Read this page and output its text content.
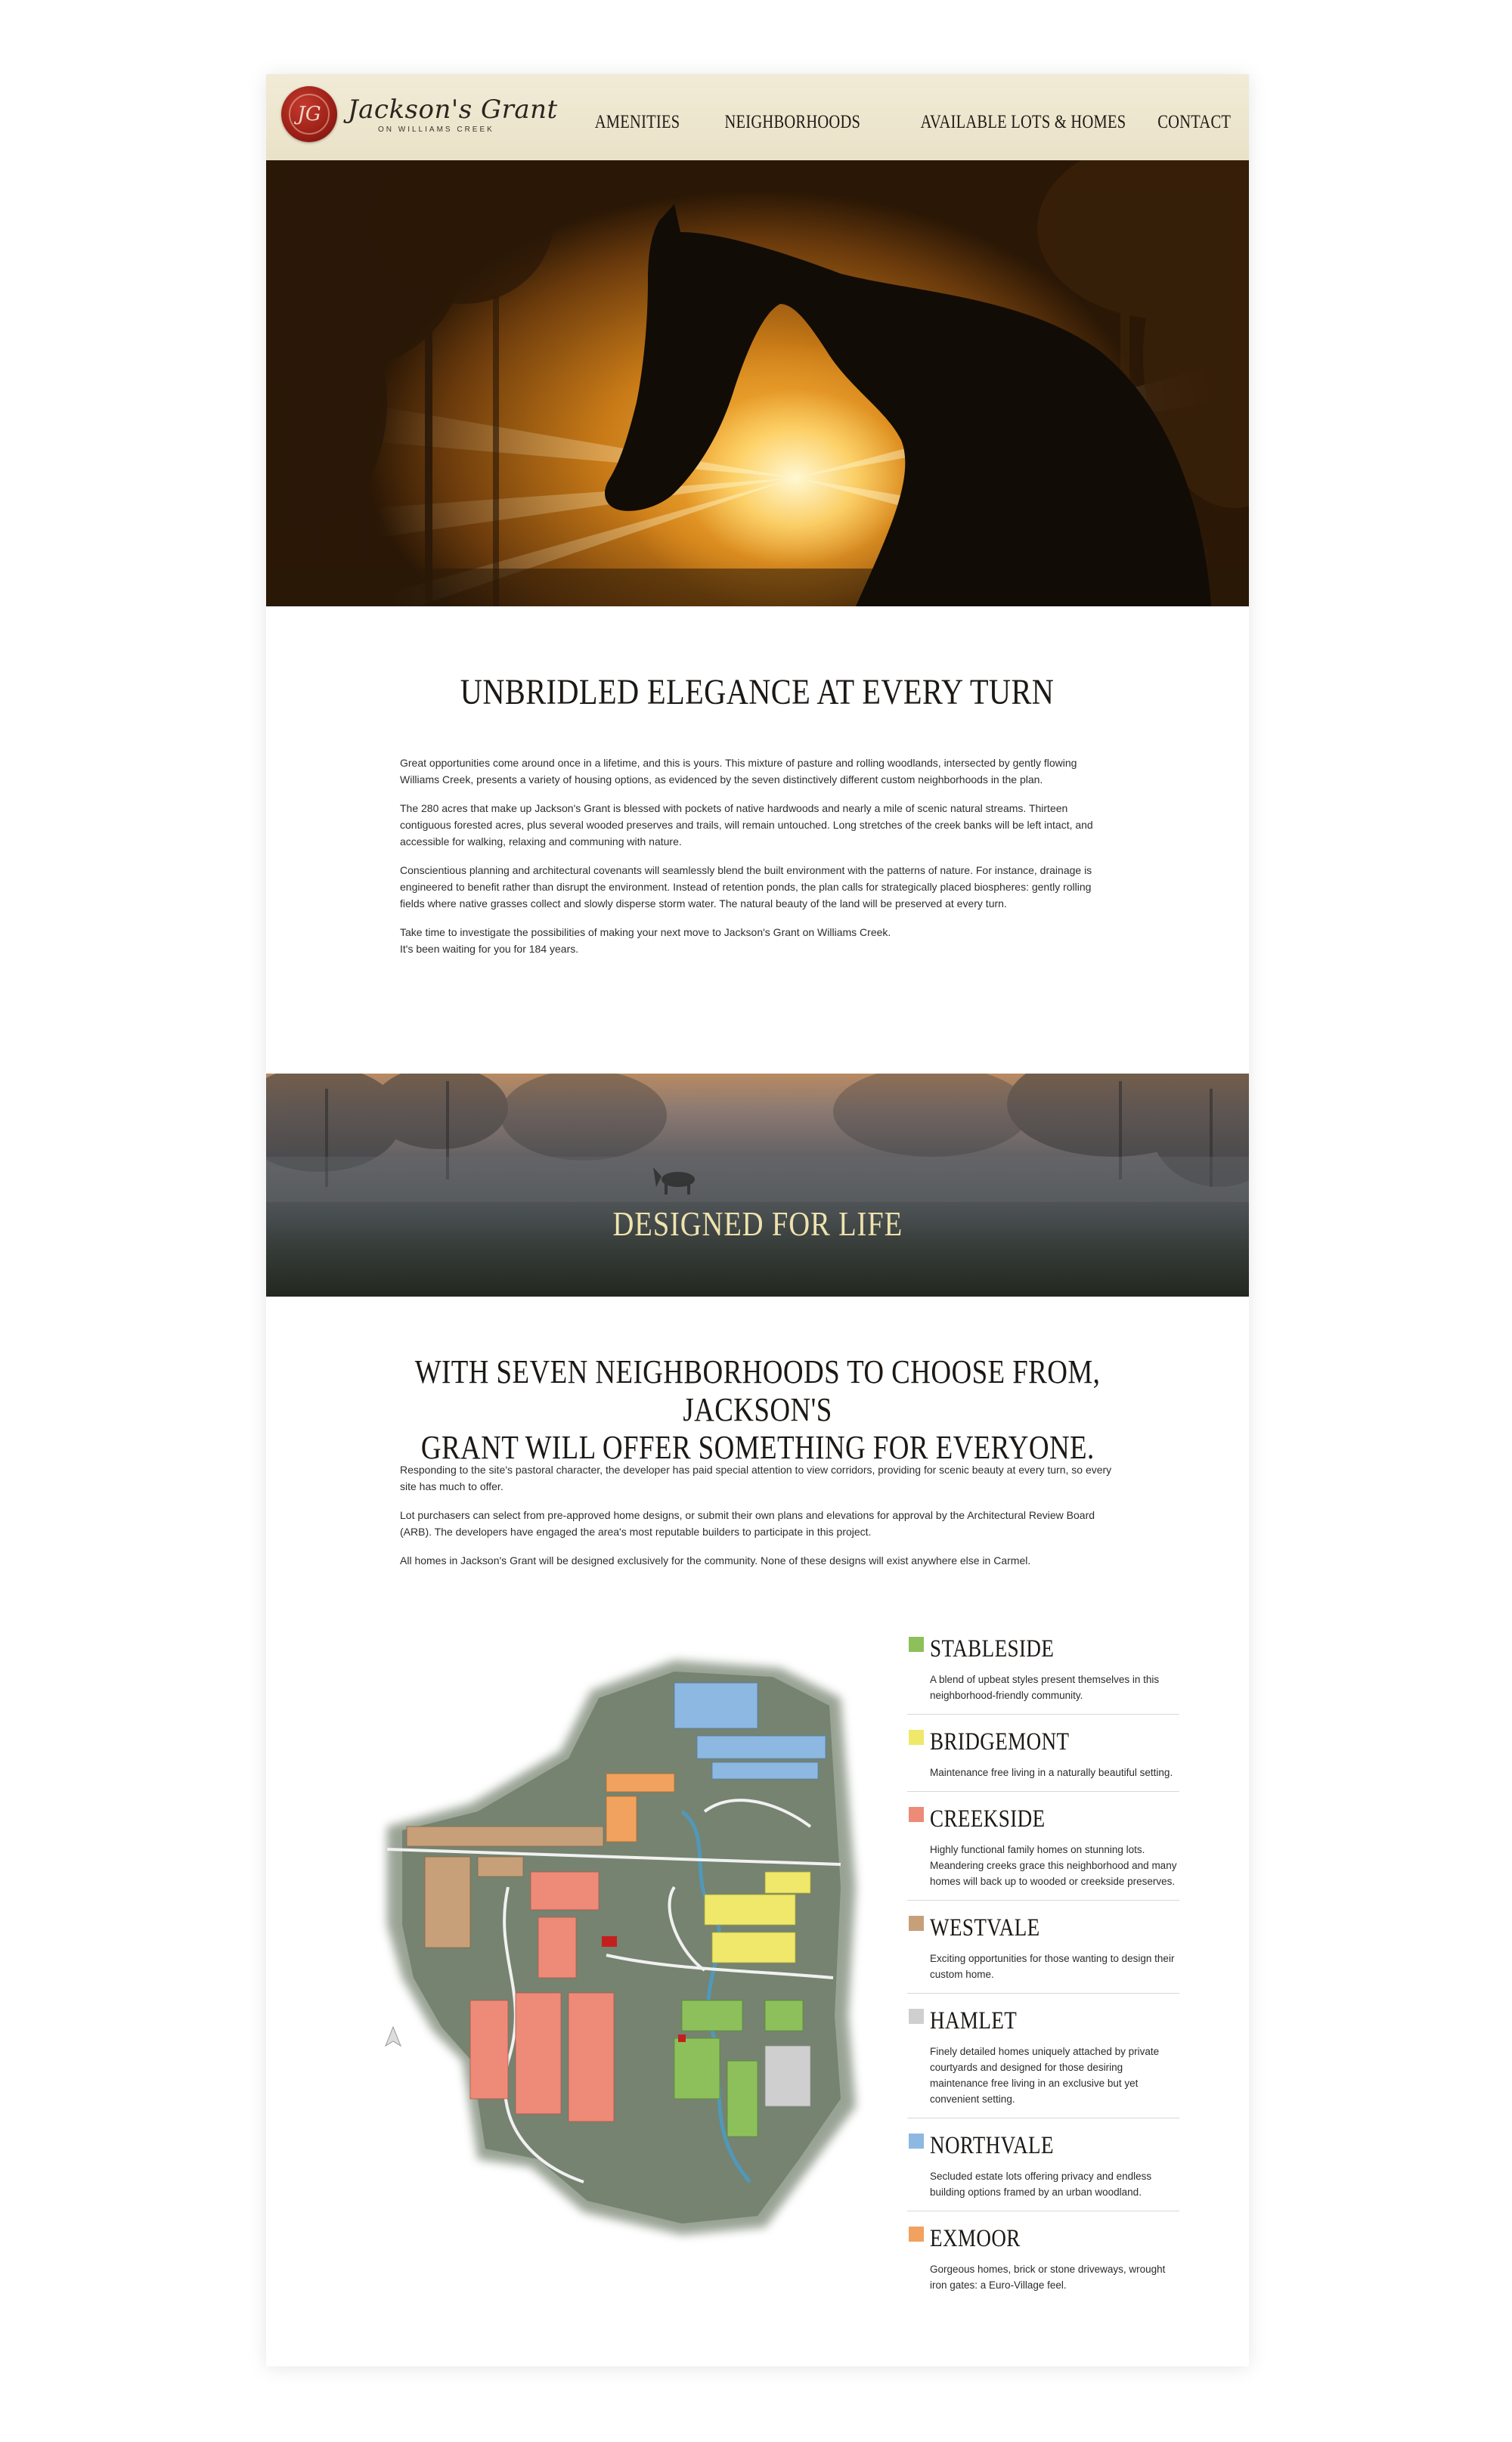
JG	Jackson's Grant
ON WILLIAMS CREEK	AMENITIES NEIGHBORHOODS	AVAILABLE LOTS & HOMES CONTACT
UNBRIDLED ELEGANCE AT EVERY TURN

Great opportunities come around once in a lifetime, and this is yours. This mixture of pasture and rolling woodlands, intersected by gently flowing Williams Creek, presents a variety of housing options, as evidenced by the seven distinctively different custom neighborhoods in the plan.

The 280 acres that make up Jackson's Grant is blessed with pockets of native hardwoods and nearly a mile of scenic natural streams. Thirteen contiguous forested acres, plus several wooded preserves and trails, will remain untouched. Long stretches of the creek banks will be left intact, and accessible for walking, relaxing and communing with nature.

Conscientious planning and architectural covenants will seamlessly blend the built environment with the patterns of nature. For instance, drainage is engineered to benefit rather than disrupt the environment. Instead of retention ponds, the plan calls for strategically placed biospheres: gently rolling fields where native grasses collect and slowly disperse storm water. The natural beauty of the land will be preserved at every turn.

Take time to investigate the possibilities of making your next move to Jackson's Grant on Williams Creek.

It's been waiting for you for 184 years.

DESIGNED FOR LIFE
WITH SEVEN NEIGHBORHOODS TO CHOOSE FROM, JACKSON'S
GRANT WILL OFFER SOMETHING FOR EVERYONE.

Responding to the site's pastoral character, the developer has paid special attention to view corridors, providing for scenic beauty at every turn, so every site has much to offer.

Lot purchasers can select from pre-approved home designs, or submit their own plans and elevations for approval by the Architectural Review Board (ARB). The developers have engaged the area's most reputable builders to participate in this project.

All homes in Jackson's Grant will be designed exclusively for the community. None of these designs will exist anywhere else in Carmel.

STABLESIDE
A blend of upbeat styles present themselves in this neighborhood-friendly community.
BRIDGEMONT
Maintenance free living in a naturally beautiful setting.
CREEKSIDE
Highly functional family homes on stunning lots. Meandering creeks grace this neighborhood and many homes will back up to wooded or creekside preserves.
WESTVALE
Exciting opportunities for those wanting to design their custom home.
HAMLET
Finely detailed homes uniquely attached by private courtyards and designed for those desiring maintenance free living in an exclusive but yet convenient setting.
NORTHVALE
Secluded estate lots offering privacy and endless building options framed by an urban woodland.
EXMOOR
Gorgeous homes, brick or stone driveways, wrought iron gates: a Euro-Village feel.
